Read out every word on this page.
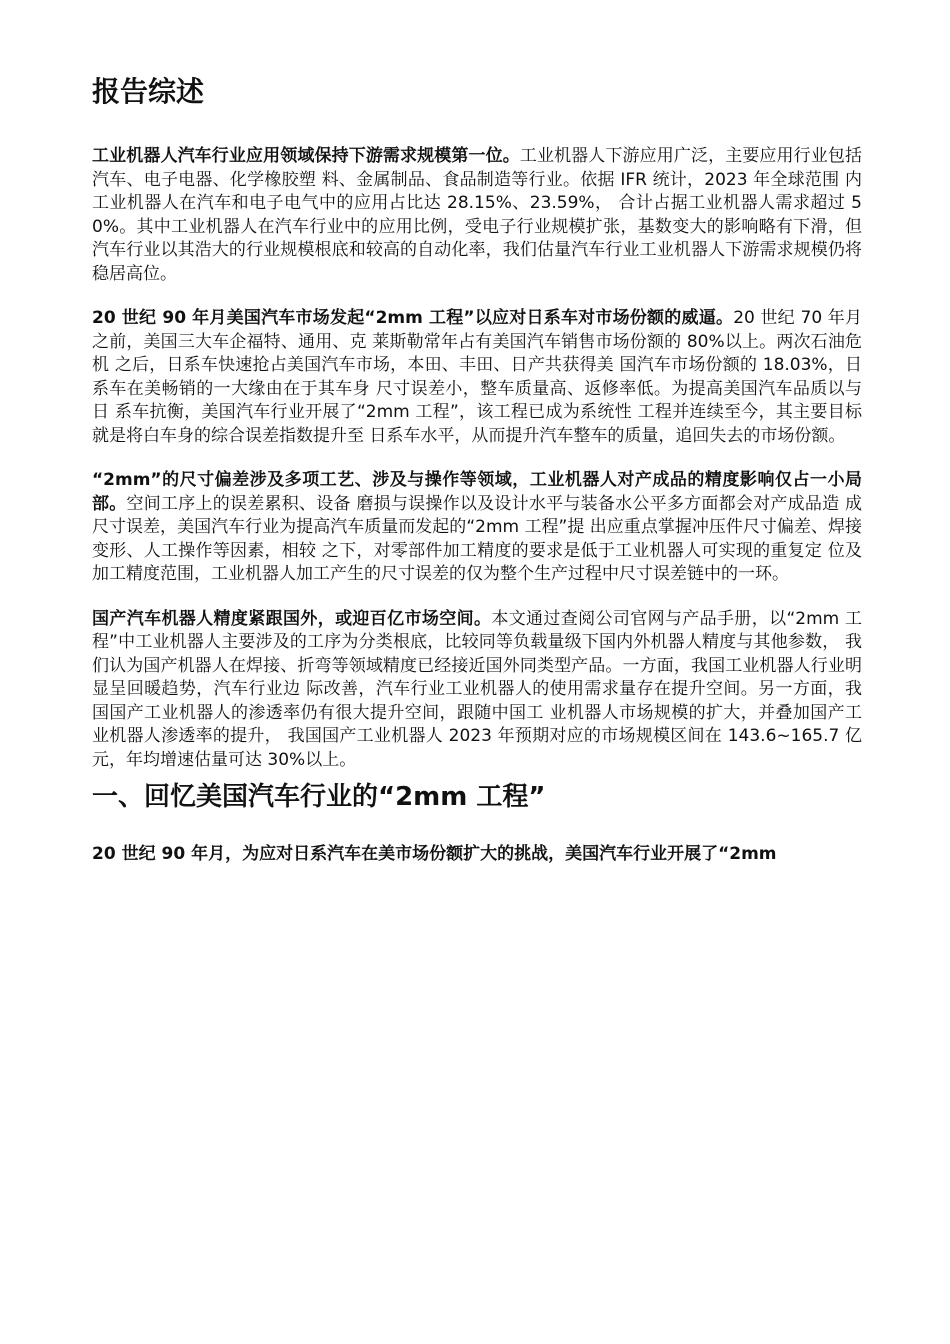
报告综述

工业机器人汽车行业应用领域保持下游需求规模第一位。工业机器人下游应用广泛，主要应用行业包括汽车、电子电器、化学橡胶塑 料、金属制品、食品制造等行业。依据 IFR 统计，2023 年全球范围 内工业机器人在汽车和电子电气中的应用占比达 28.15%、23.59%， 合计占据工业机器人需求超过 50%。其中工业机器人在汽车行业中的应用比例，受电子行业规模扩张，基数变大的影响略有下滑，但 汽车行业以其浩大的行业规模根底和较高的自动化率，我们估量汽车行业工业机器人下游需求规模仍将稳居高位。

20 世纪 90 年月美国汽车市场发起“2mm 工程”以应对日系车对市场份额的威逼。20 世纪 70 年月之前，美国三大车企福特、通用、克 莱斯勒常年占有美国汽车销售市场份额的 80%以上。两次石油危机 之后，日系车快速抢占美国汽车市场，本田、丰田、日产共获得美 国汽车市场份额的 18.03%，日系车在美畅销的一大缘由在于其车身 尺寸误差小，整车质量高、返修率低。为提高美国汽车品质以与日 系车抗衡，美国汽车行业开展了“2mm 工程”，该工程已成为系统性 工程并连续至今，其主要目标就是将白车身的综合误差指数提升至 日系车水平，从而提升汽车整车的质量，追回失去的市场份额。

“2mm”的尺寸偏差涉及多项工艺、涉及与操作等领域，工业机器人对产成品的精度影响仅占一小局部。空间工序上的误差累积、设备 磨损与误操作以及设计水平与装备水公平多方面都会对产成品造 成尺寸误差，美国汽车行业为提高汽车质量而发起的“2mm 工程”提 出应重点掌握冲压件尺寸偏差、焊接变形、人工操作等因素，相较 之下，对零部件加工精度的要求是低于工业机器人可实现的重复定 位及加工精度范围，工业机器人加工产生的尺寸误差的仅为整个生产过程中尺寸误差链中的一环。

国产汽车机器人精度紧跟国外，或迎百亿市场空间。本文通过查阅公司官网与产品手册，以“2mm 工程”中工业机器人主要涉及的工序为分类根底，比较同等负载量级下国内外机器人精度与其他参数， 我们认为国产机器人在焊接、折弯等领域精度已经接近国外同类型产品。一方面，我国工业机器人行业明显呈回暖趋势，汽车行业边 际改善，汽车行业工业机器人的使用需求量存在提升空间。另一方面，我国国产工业机器人的渗透率仍有很大提升空间，跟随中国工 业机器人市场规模的扩大，并叠加国产工业机器人渗透率的提升， 我国国产工业机器人 2023 年预期对应的市场规模区间在 143.6~165.7 亿元，年均增速估量可达 30%以上。

一、回忆美国汽车行业的“2mm 工程”

20 世纪 90 年月，为应对日系汽车在美市场份额扩大的挑战，美国汽车行业开展了“2mm
